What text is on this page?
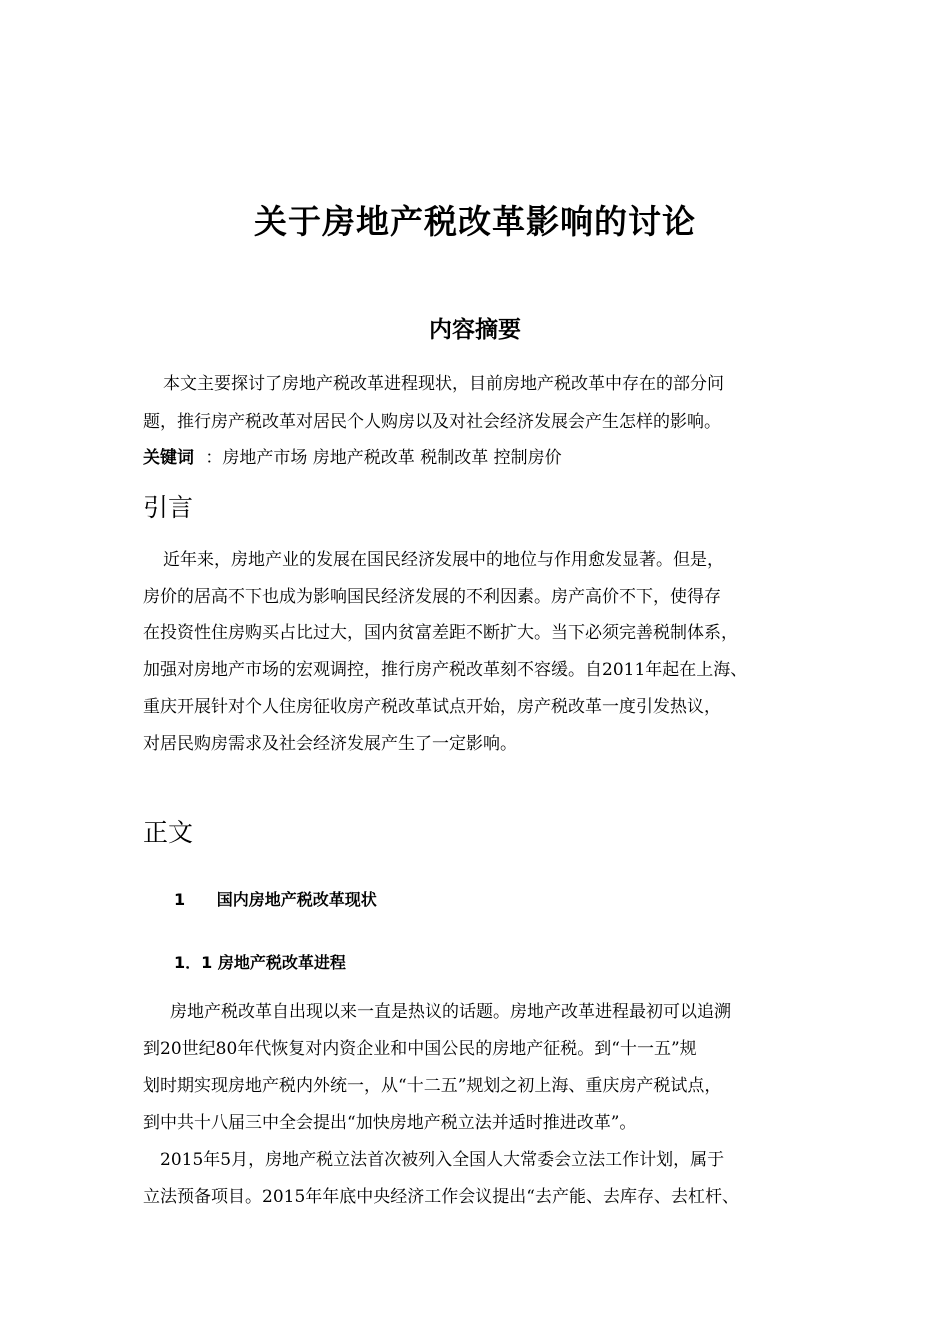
关于房地产税改革影响的讨论
内容摘要
本文主要探讨了房地产税改革进程现状，目前房地产税改革中存在的部分问
题，推行房产税改革对居民个人购房以及对社会经济发展会产生怎样的影响。
关键词 ：房地产市场 房地产税改革 税制改革 控制房价
引言
近年来，房地产业的发展在国民经济发展中的地位与作用愈发显著。但是，
房价的居高不下也成为影响国民经济发展的不利因素。房产高价不下，使得存
在投资性住房购买占比过大，国内贫富差距不断扩大。当下必须完善税制体系，
加强对房地产市场的宏观调控，推行房产税改革刻不容缓。自2011年起在上海、
重庆开展针对个人住房征收房产税改革试点开始，房产税改革一度引发热议，
对居民购房需求及社会经济发展产生了一定影响。
正文
1 国内房地产税改革现状
1．1 房地产税改革进程
房地产税改革自出现以来一直是热议的话题。房地产改革进程最初可以追溯
到20世纪80年代恢复对内资企业和中国公民的房地产征税。到“十一五”规
划时期实现房地产税内外统一，从“十二五”规划之初上海、重庆房产税试点，
到中共十八届三中全会提出“加快房地产税立法并适时推进改革”。
2015年5月，房地产税立法首次被列入全国人大常委会立法工作计划，属于
立法预备项目。2015年年底中央经济工作会议提出“去产能、去库存、去杠杆、
